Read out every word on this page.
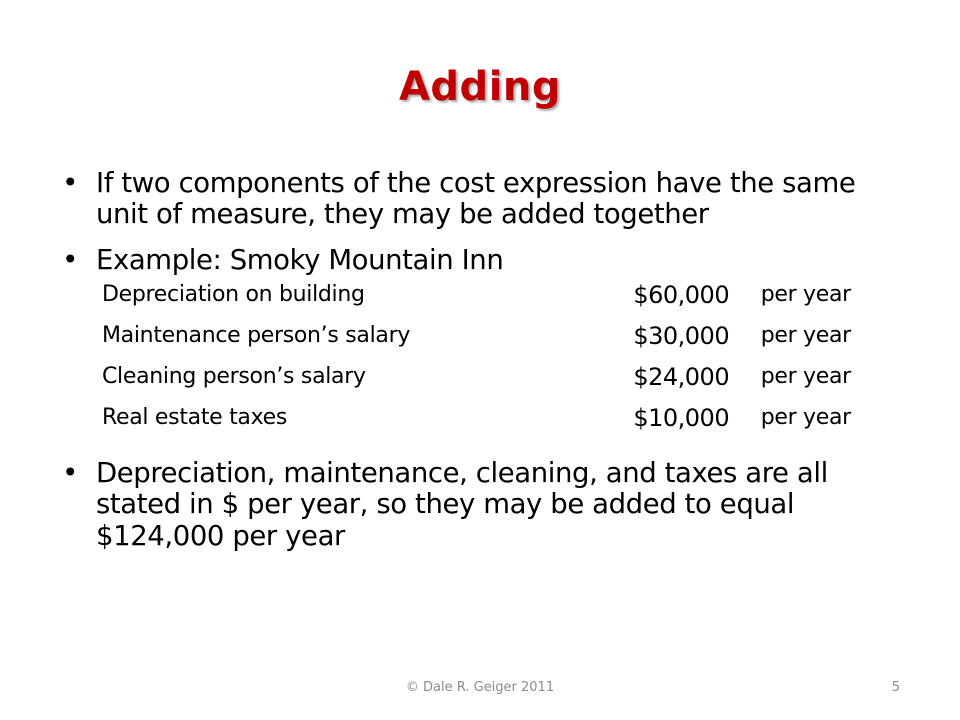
Adding
• If two components of the cost expression have the same unit of measure, they may be added together
• Example: Smoky Mountain Inn
Depreciation on building	$60,000	per year
Maintenance person’s salary	$30,000	per year
Cleaning person’s salary	$24,000	per year
Real estate taxes	$10,000	per year
• Depreciation, maintenance, cleaning, and taxes are all stated in $ per year, so they may be added to equal $124,000 per year
© Dale R. Geiger 2011	5
